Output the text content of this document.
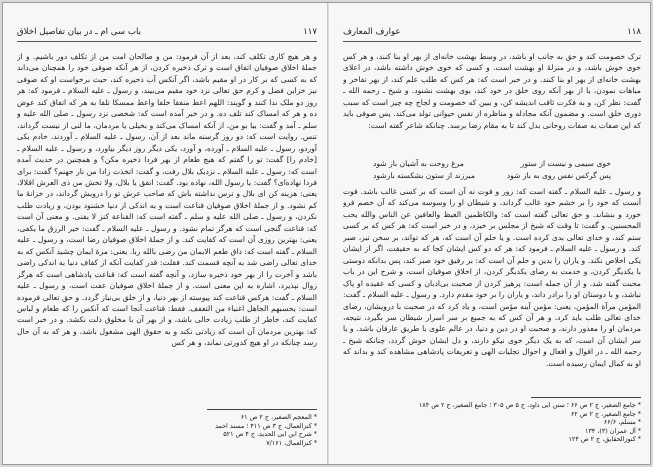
۱۱۷
باب سی ام ـ در بیان تفاصیل اخلاق

و هر هیچ کاری تکلف کند، بعد از آن فرمود: من و صالحان امت من از تکلف دور باشیم. و از جملهٔ اخلاق صوفیان اتفاق است و ترک ذخیره کردن، از هر آنکه صوفی خود را همچنان می‌داند که به کسی که بر کار در او مقیم باشد، اگر آنکس آب ذخیره کند، حیث برخواست او که صوفی نیز خزاین فضل و کرم حق تعالی نزد خود مقیم می‌بیند، و رسول ـ علیه السلام ـ فرمود که: هر روز دو ملک ندا کنند و گویند: اللهم اعط منفقا خلفا واعط ممسکا تلفا به هر که اتفاق کند عوض ده و هر که امساک کند تلف ده. و در خبر آمده است که: شخصی نزد رسول ـ صلی الله علیه و سلم ـ آمد و گفت: بیا بو من، از آنکه امساک می‌کند و بخیلی یا مردمان، ما لنی از نیست گرداند، تنس. روایت است که: دو روز گرسنه ماند بعد از آن، رسول ـ علیه السلام ـ آوردند، خادم یکی آوردو، رسول ـ علیه السلام ـ آورده، و آورد، یکی دیگر روز دیگر بیاورد، و رسول ـ علیه السلام ـ [خادم را] گفت: تو را گفتم که هیچ طعام از بهر فردا ذخیره مکن؟ و همچنین در حدیث آمده است که: رسول ـ علیه السلام ـ نزدیک بلال رفت، و گفت: اتخذت زادا من نار جهنم؟ گفت: برای فردا نهاده‌ای؟ گفت: یا رسول الله، نهاده بود. گفت: انفق یا بلال، ولا تخش من ذی العرش اقلالا، یعنی: هزینه کن ای بلال و ترس نداشته باش که صاحب عرش تو را درویش گرداند، در خزانهٔ ما کم نشود. و از جملهٔ اخلاق صوفیان قناعت است و به اندکی از دنیا خشنود بودن، و زیادت طلب نکردن، و رسول ـ صلی الله علیه و سلم ـ گفته است که: القناعة کنز لا یفنی. و معنی آن است که: قناعت گنجی است که هرگز تمام نشود. و رسول ـ علیه السلام ـ گفت: خیر الرزق ما یکفی، یعنی: بهترین روزی آن است که کفایت کند. و از جملهٔ اخلاق صوفیان رضا است، و رسول ـ علیه السلام ـ گفته است که: ذاق طعم الایمان من رضی بالله ربا. یعنی: مزهٔ ایمان چشید آنکس که به خدای تعالی راضی شد به آنچه قسمت کند. فقلت: قدر کفایت آنکه از کفاف دنیا به اندکی راضی باشد و آخرت را از بهر خود ذخیره سازد، و آنچه گفته است که: قناعت پادشاهی است که هرگز زوال نپذیرد، اشاره به این معنی است. و از جملهٔ اخلاق صوفیان عفت است، و رسول ـ علیه السلام ـ گفت: هرکس قناعت کند پیوسته از بهر دنیا، و از خلق بی‌نیاز گردد. و حق تعالی فرموده است: یحسبهم الجاهل اغنیاء من التعفف. فقط: قناعت آنجا است که آنکس را که طعام و لباس کفایت کند، خاطر از طلب زیادت خالی باشد، و از بهر آن با مخلوق ذلت نکشد. و در خبر است که: بهترین مردمان آن است که زیادتی نکند و به حقوق الهی مشغول باشد، و هر که به آن حال رسد چنانکه در او هیچ کدورتی نماند، و هر کس

* المعجم الصغیر، ج ۲ ص ۶۱
* کنزالعمال، ج ۳ ص ۴۱۱ ؛ مسند احمد
* شرح ابن ابی الحدید، ج ۴ ص ۵۲۱
* کنزالعمال، ۷/۱۶۱
۱۱۸
عوارف المعارف

ترک خصومت کند و حق به جانب او باشد، در وسط بهشت خانه‌ای از بهر او بنا کنند، و هر کس خوی خوش باشد، و در منزلهٔ او بهشت است. و کسی که خوی خوش داشته باشد، در اعلای بهشت خانه‌ای از بهر او بنا کنند. و در خبر است که: هر کس که طلب علم کند، از بهر تفاخر و مباهات نمودن، یا از بهر آنکه روی خلق در خود کند، بوی بهشت نشنود. و شیخ ـ رحمه الله ـ گفت: نظر کن، و به فکرت ثاقب اندیشه کن، و ببین که خصومت و لجاج چه چیز است که سبب دوری خلق است. و مضمون آنکه مجادله و مناظره از نفس حیوانی تولد می‌کند. پس صوفی باید که این صفات به صفات روحانی بدل کند تا به مقام رضا برسد. چنانکه شاعر گفته است:

خوی سیمی و نیست از ستور
مرغ روحت به آشیان باز شود
پس گرکس نفس روی به باز شود
میرزند از ستون بشکسته بازشود

و رسول ـ علیه السلام ـ گفته است که: زور و قوت نه آن است که بر کسی غالب باشد. قوت آنست که خود را بر خشم خود غالب گرداند، و شیطان او را وسوسه می‌کند که آن خصم فرو خورد و بنشاند. و حق تعالی گفته است که: والکاظمین الغیظ والعافین عن الناس والله یحب المحسنین. و گفت: تا وقت که شیخ از مجلس بر خیزد، و در خبر است که: هر کس که بر کسی ستم کند، و خدای تعالی بدی کرده است. و یا حلم آن است که، هر که تواند، بر سخن تیز، صبر کند. و رسول ـ علیه السلام ـ فرمود که: هر که دو کس ایشان کجا که به حقیقت، اگر از ایشان یکی اخلاص نکند. و یاران را بدین و حلم آن است که: بر رفیق خود صبر کند، پس بدانکه دوستی با یکدیگر کردن، و خدمت به رضای یکدیگر کردن، از اخلاق صوفیان است، و شرح این در باب محبت گفته شد. و از آن جمله است: پرهیز کردن از صحبت بی‌ادبان و کسی که عقیده او پاک نباشد، و با دوستان او را برادر داند، و یاران را بر خود مقدم دارد. و رسول ـ علیه السلام ـ گفت: المؤمن مرآة المؤمن، یعنی: مؤمن آینه مؤمن است، و یاد کرد که در صحبت با درویشان، رضای خدای تعالی طلب باید کرد، و هر آن کس که به جمیع بر سر اسرار شیطان سر بگیرد، نتیجه، مردمان او را معذور دارند، و صحبت او در دین و دنیا، در عالم علوی با طریق عارفان باشد. و یا سر ایشان آن است، که به یک دیگر خوی نیکو دارند، و دل ایشان خوش گردد، چنانکه شیخ ـ رحمه الله ـ در اقوال و افعال و احوال تجلیات الهی و تعریفات پادشاهی مشاهده کند و بداند که او به کمال ایمان رسیده است.

* جامع الصغیر، ج ۲ ص ۶۶ ؛ سنن ابی داود، ج ۵ ص ۳۰۵ ؛ جامع الصغیر، ج ۲ ص ۱۸۴
* جامع الصغیر، ج ۲ ص ۶۲
* مسلم، ۶۶/۶
* آل عمران (۳)، ۱۳۴
* کنوزالحقایق، ج ۲ ص ۱۲۴
